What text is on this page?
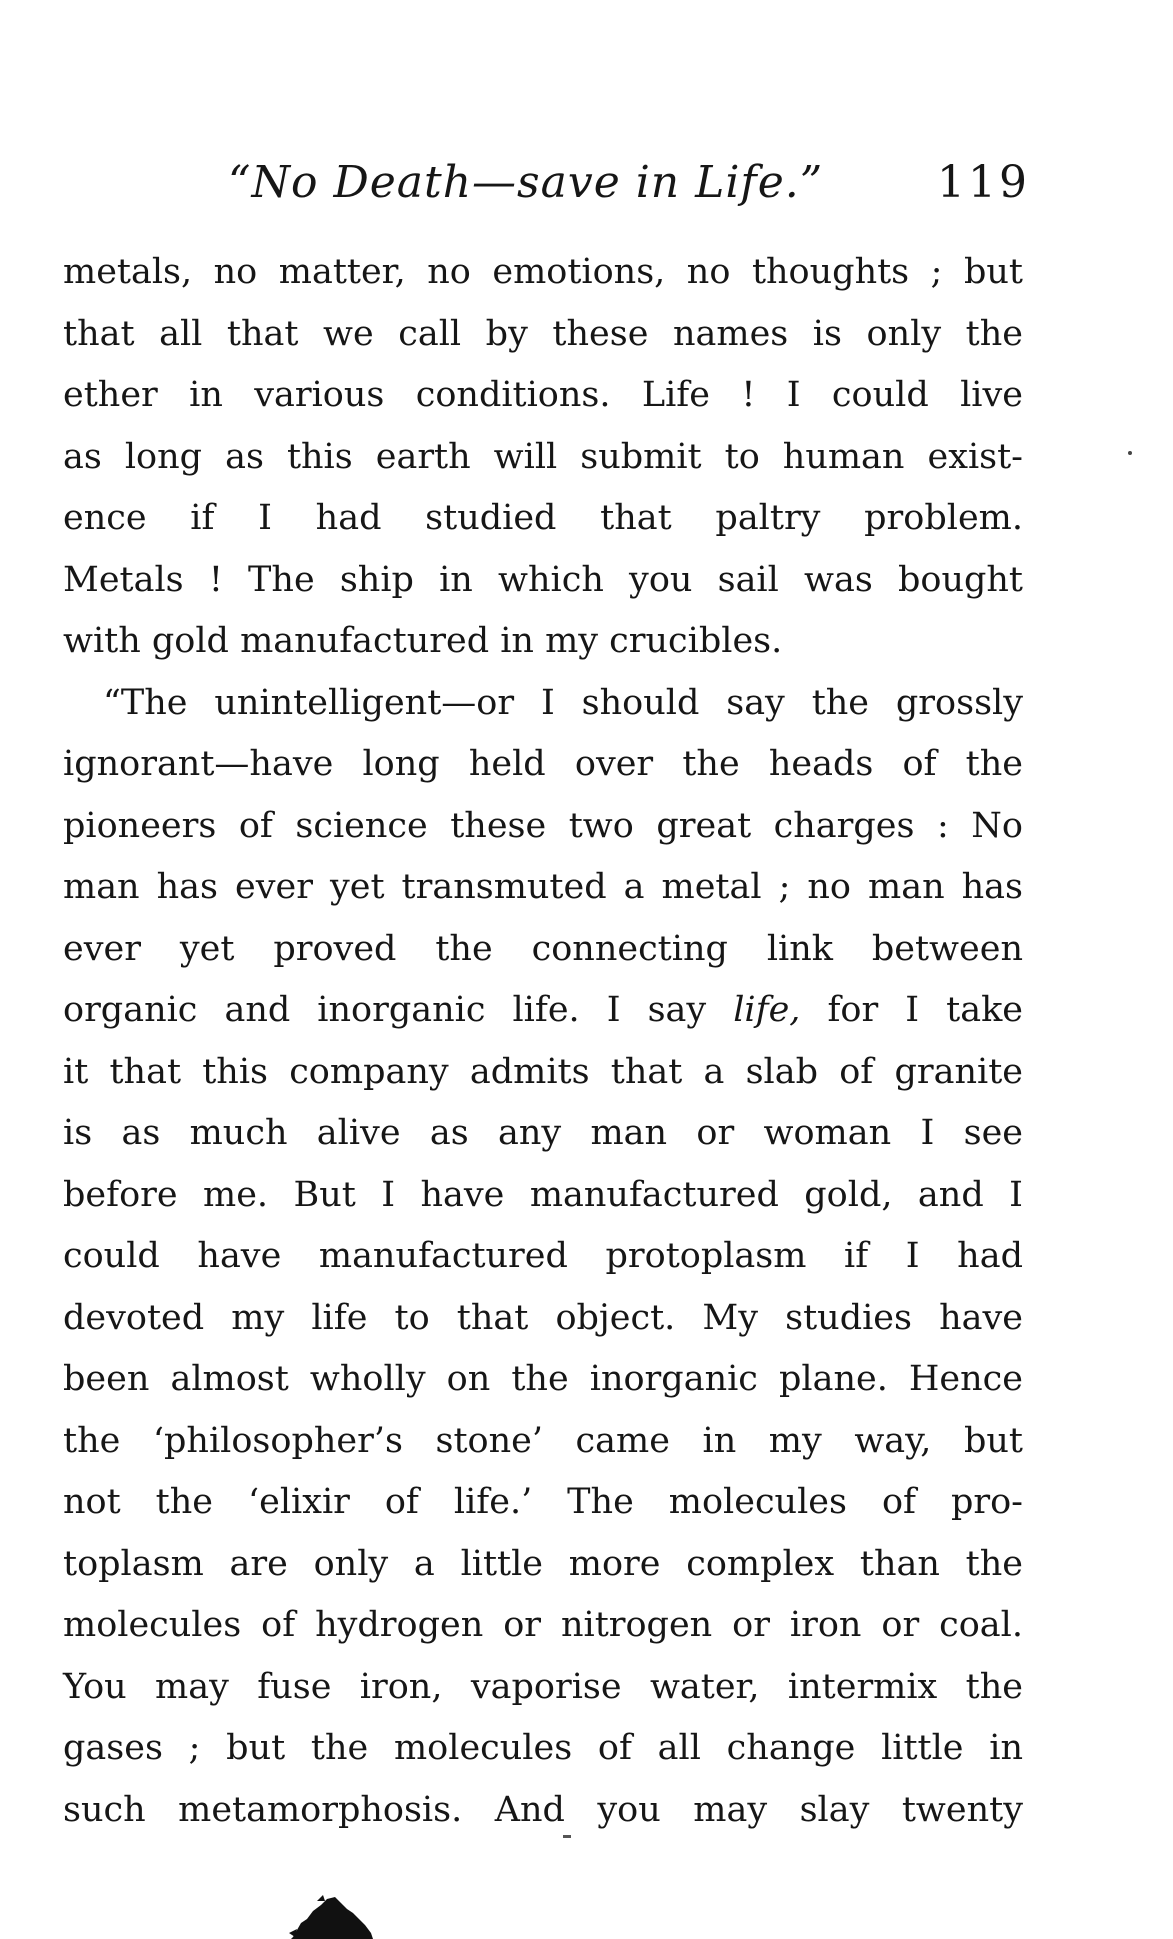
“No Death—save in Life.”	119
metals, no matter, no emotions, no thoughts ; but
that all that we call by these names is only the
ether in various conditions. Life ! I could live
as long as this earth will submit to human exist-
ence if I had studied that paltry problem.
Metals ! The ship in which you sail was bought
with gold manufactured in my crucibles.
“The unintelligent—or I should say the grossly
ignorant—have long held over the heads of the
pioneers of science these two great charges : No
man has ever yet transmuted a metal ; no man has
ever yet proved the connecting link between
organic and inorganic life. I say life, for I take
it that this company admits that a slab of granite
is as much alive as any man or woman I see
before me. But I have manufactured gold, and I
could have manufactured protoplasm if I had
devoted my life to that object. My studies have
been almost wholly on the inorganic plane. Hence
the ‘philosopher’s stone’ came in my way, but
not the ‘elixir of life.’ The molecules of pro-
toplasm are only a little more complex than the
molecules of hydrogen or nitrogen or iron or coal.
You may fuse iron, vaporise water, intermix the
gases ; but the molecules of all change little in
such metamorphosis. And you may slay twenty
